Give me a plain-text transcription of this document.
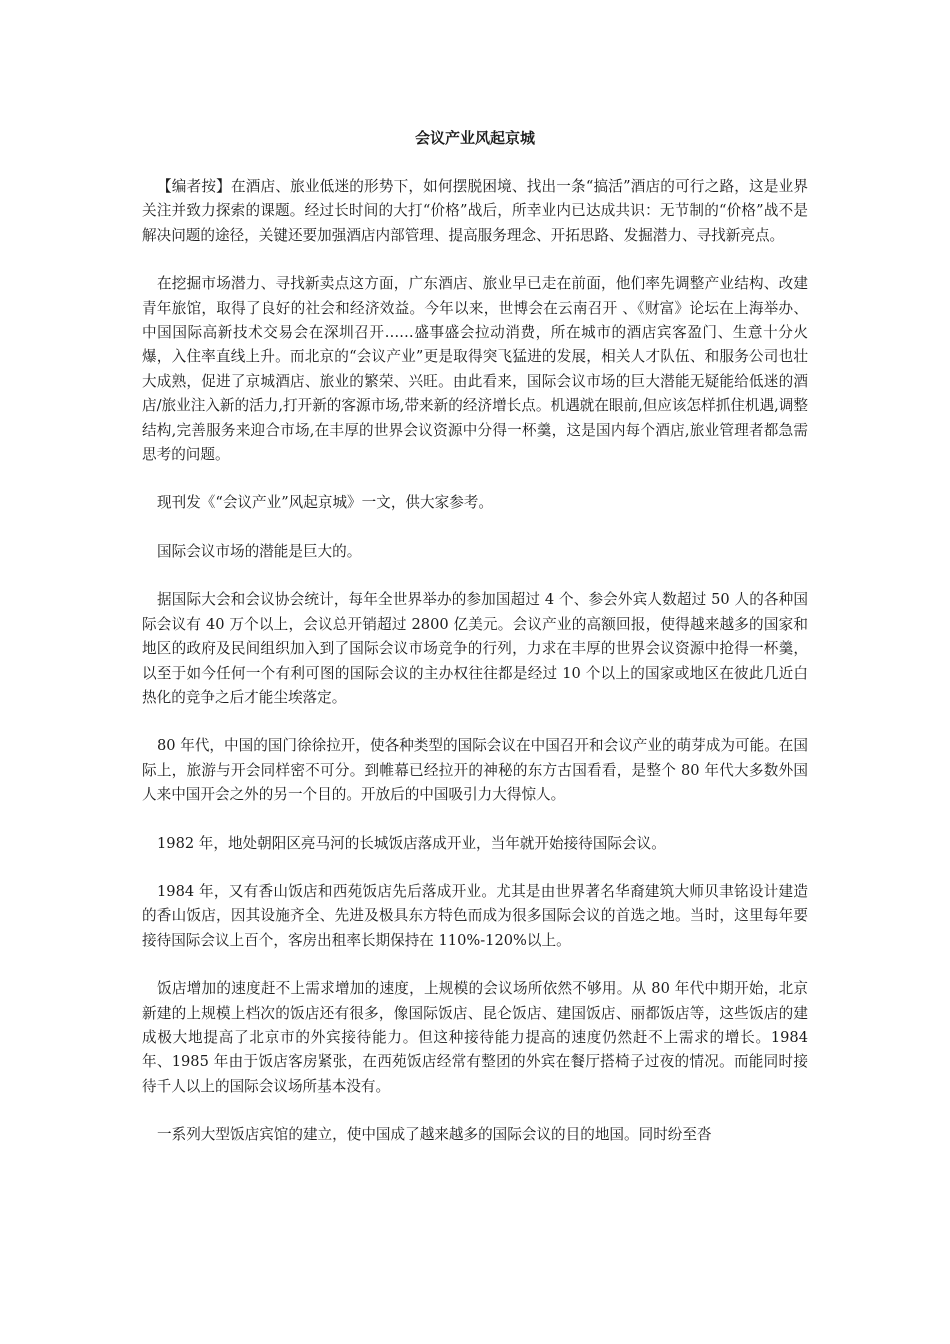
会议产业风起京城

【编者按】在酒店、旅业低迷的形势下，如何摆脱困境、找出一条“搞活”酒店的可行之路，这是业界关注并致力探索的课题。经过长时间的大打“价格”战后，所幸业内已达成共识：无节制的“价格”战不是解决问题的途径，关键还要加强酒店内部管理、提高服务理念、开拓思路、发掘潜力、寻找新亮点。

在挖掘市场潜力、寻找新卖点这方面，广东酒店、旅业早已走在前面，他们率先调整产业结构、改建青年旅馆，取得了良好的社会和经济效益。今年以来，世博会在云南召开 、《财富》论坛在上海举办、中国国际高新技术交易会在深圳召开……盛事盛会拉动消费，所在城市的酒店宾客盈门、生意十分火爆，入住率直线上升。而北京的“会议产业”更是取得突飞猛进的发展，相关人才队伍、和服务公司也壮大成熟，促进了京城酒店、旅业的繁荣、兴旺。由此看来，国际会议市场的巨大潜能无疑能给低迷的酒店/旅业注入新的活力,打开新的客源市场,带来新的经济增长点。机遇就在眼前,但应该怎样抓住机遇,调整结构,完善服务来迎合市场,在丰厚的世界会议资源中分得一杯羹，这是国内每个酒店,旅业管理者都急需思考的问题。

现刊发《“会议产业”风起京城》一文，供大家参考。

国际会议市场的潜能是巨大的。

据国际大会和会议协会统计，每年全世界举办的参加国超过 4 个、参会外宾人数超过 50 人的各种国际会议有 40 万个以上，会议总开销超过 2800 亿美元。会议产业的高额回报，使得越来越多的国家和地区的政府及民间组织加入到了国际会议市场竞争的行列，力求在丰厚的世界会议资源中抢得一杯羹，以至于如今任何一个有利可图的国际会议的主办权往往都是经过 10 个以上的国家或地区在彼此几近白热化的竞争之后才能尘埃落定。

80 年代，中国的国门徐徐拉开，使各种类型的国际会议在中国召开和会议产业的萌芽成为可能。在国际上，旅游与开会同样密不可分。到帷幕已经拉开的神秘的东方古国看看，是整个 80 年代大多数外国人来中国开会之外的另一个目的。开放后的中国吸引力大得惊人。

1982 年，地处朝阳区亮马河的长城饭店落成开业，当年就开始接待国际会议。

1984 年，又有香山饭店和西苑饭店先后落成开业。尤其是由世界著名华裔建筑大师贝聿铭设计建造的香山饭店，因其设施齐全、先进及极具东方特色而成为很多国际会议的首选之地。当时，这里每年要接待国际会议上百个，客房出租率长期保持在 110%-120%以上。

饭店增加的速度赶不上需求增加的速度，上规模的会议场所依然不够用。从 80 年代中期开始，北京新建的上规模上档次的饭店还有很多，像国际饭店、昆仑饭店、建国饭店、丽都饭店等，这些饭店的建成极大地提高了北京市的外宾接待能力。但这种接待能力提高的速度仍然赶不上需求的增长。1984 年、1985 年由于饭店客房紧张，在西苑饭店经常有整团的外宾在餐厅搭椅子过夜的情况。而能同时接待千人以上的国际会议场所基本没有。

一系列大型饭店宾馆的建立，使中国成了越来越多的国际会议的目的地国。同时纷至沓
